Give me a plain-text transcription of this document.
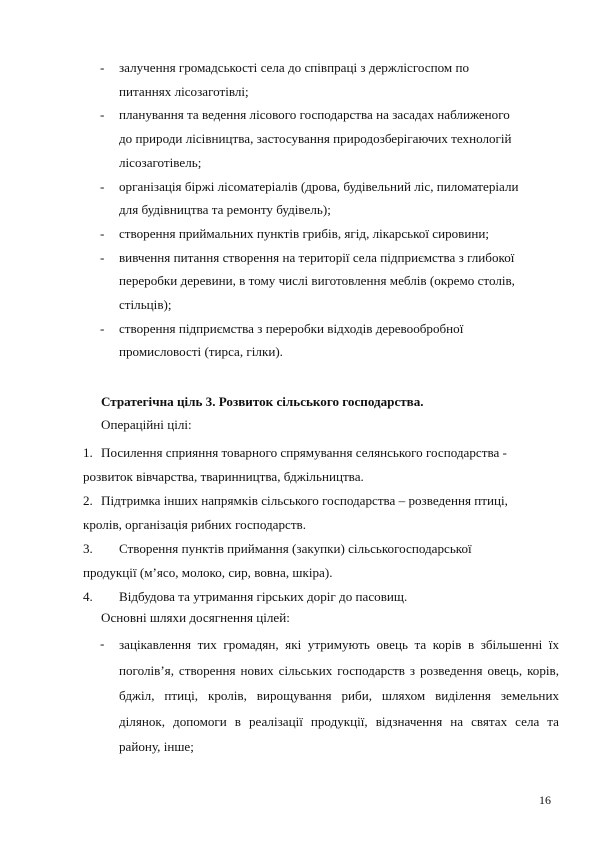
- залучення громадськості села до співпраці з держлісгоспом по
питаннях лісозаготівлі;
- планування та ведення лісового господарства на засадах наближеного
до природи лісівництва, застосування природозберігаючих технологій
лісозаготівель;
- організація біржі лісоматеріалів (дрова, будівельний ліс, пиломатеріали
для будівництва та ремонту будівель);
- створення приймальних пунктів грибів, ягід, лікарської сировини;
- вивчення питання створення на території села підприємства з глибокої
переробки деревини, в тому числі виготовлення меблів (окремо столів,
стільців);
- створення підприємства з переробки відходів деревообробної
промисловості (тирса, гілки).
Стратегічна ціль 3. Розвиток сільського господарства.
Операційні цілі:
1. Посилення сприяння товарного спрямування селянського господарства -
розвиток вівчарства, тваринництва, бджільництва.
2. Підтримка інших напрямків сільського господарства – розведення птиці,
кролів, організація рибних господарств.
3. Створення пунктів приймання (закупки) сільськогосподарської
продукції (м’ясо, молоко, сир, вовна, шкіра).
4. Відбудова та утримання гірських доріг до пасовищ.
Основні шляхи досягнення цілей:
- зацікавлення тих громадян, які утримують овець та корів в збільшенні їх поголів’я, створення нових сільських господарств з розведення овець, корів, бджіл, птиці, кролів, вирощування риби, шляхом виділення земельних ділянок, допомоги в реалізації продукції, відзначення на святах села та району, інше;
16
